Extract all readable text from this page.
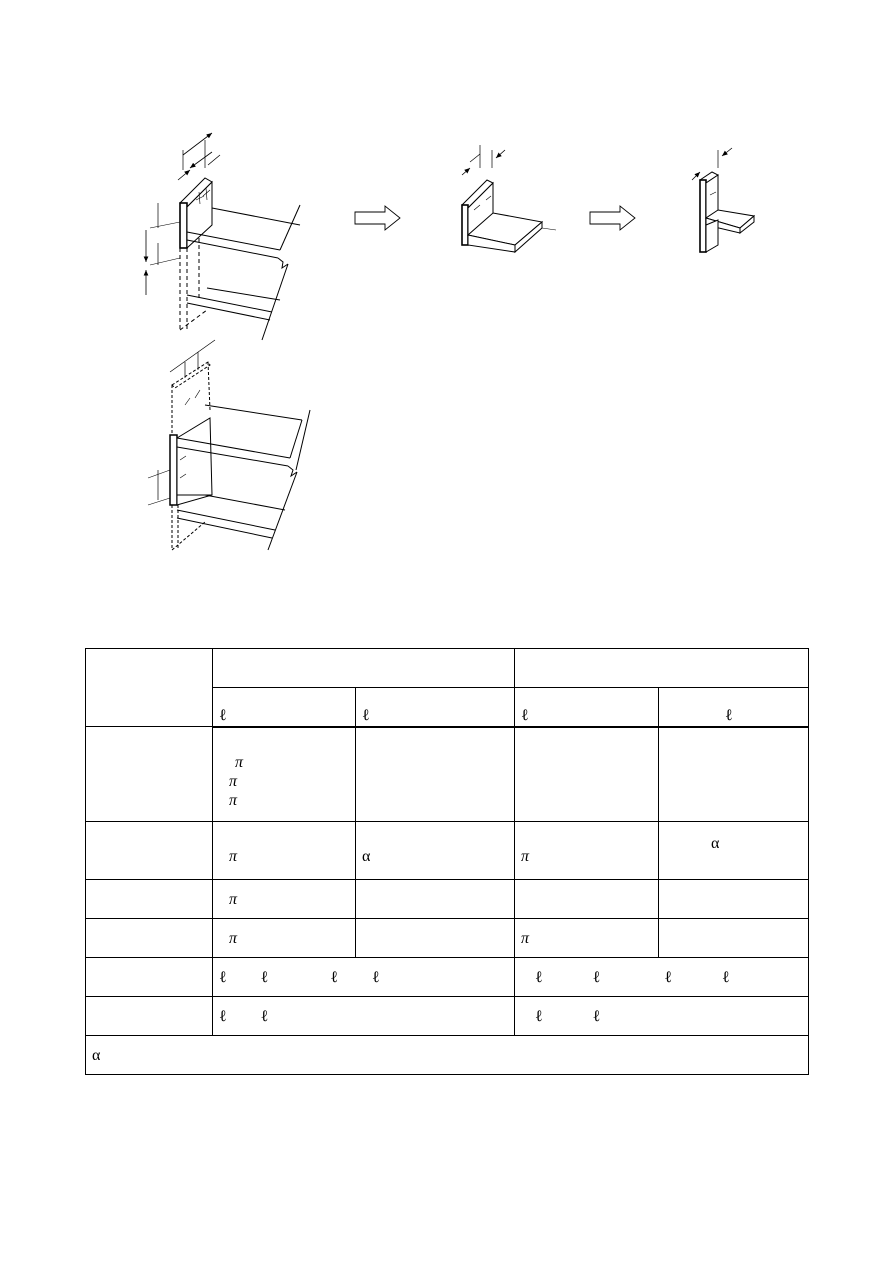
	ℓ	ℓ	ℓ	ℓ

	π
π
π			

	π	α	π	α

	π			

	π		π	

	ℓ ℓ ℓ ℓ		ℓ ℓ ℓ ℓ	

	ℓ ℓ		ℓ ℓ	

α				
